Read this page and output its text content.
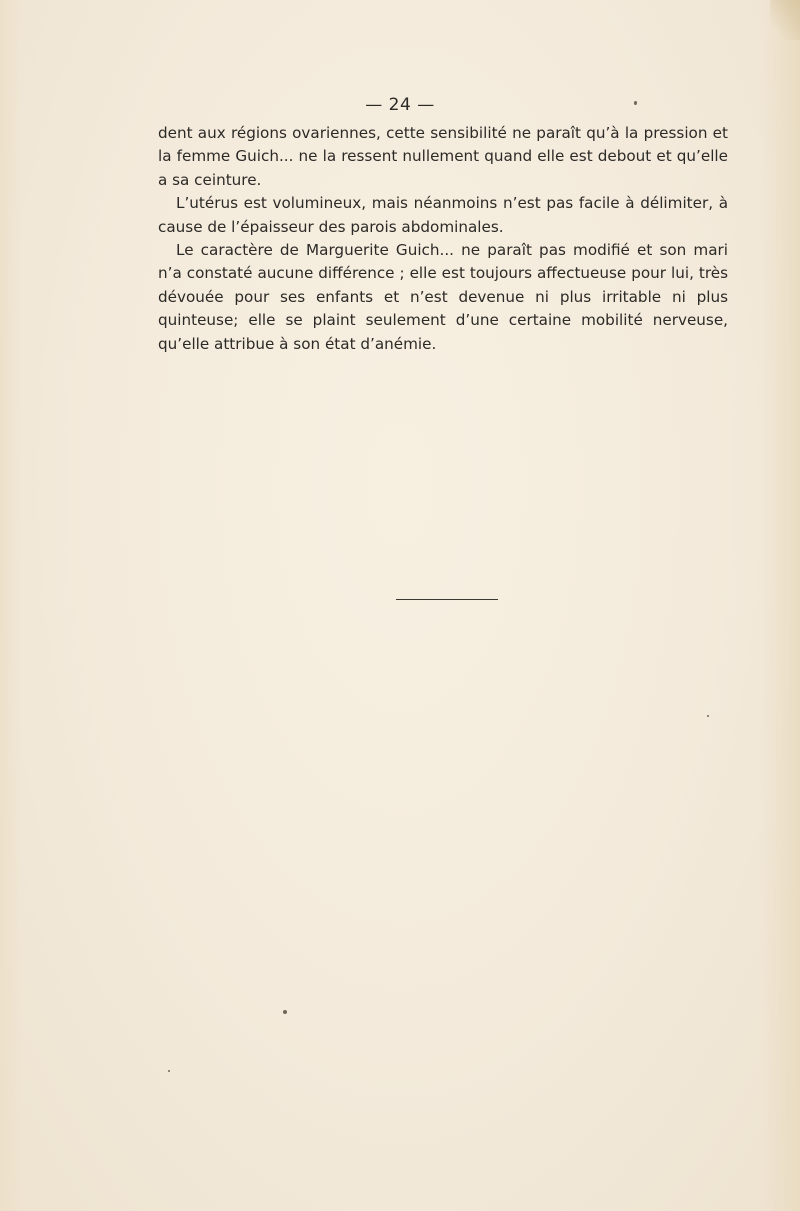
— 24 —

dent aux régions ovariennes, cette sensibilité ne paraît qu’à la pression et la femme Guich... ne la ressent nullement quand elle est debout et qu’elle a sa ceinture.

L’utérus est volumineux, mais néanmoins n’est pas facile à délimiter, à cause de l’épaisseur des parois abdominales.

Le caractère de Marguerite Guich... ne paraît pas modifié et son mari n’a constaté aucune différence ; elle est toujours affectueuse pour lui, très dévouée pour ses enfants et n’est devenue ni plus irritable ni plus quinteuse; elle se plaint seulement d’une certaine mobilité nerveuse, qu’elle attribue à son état d’anémie.
